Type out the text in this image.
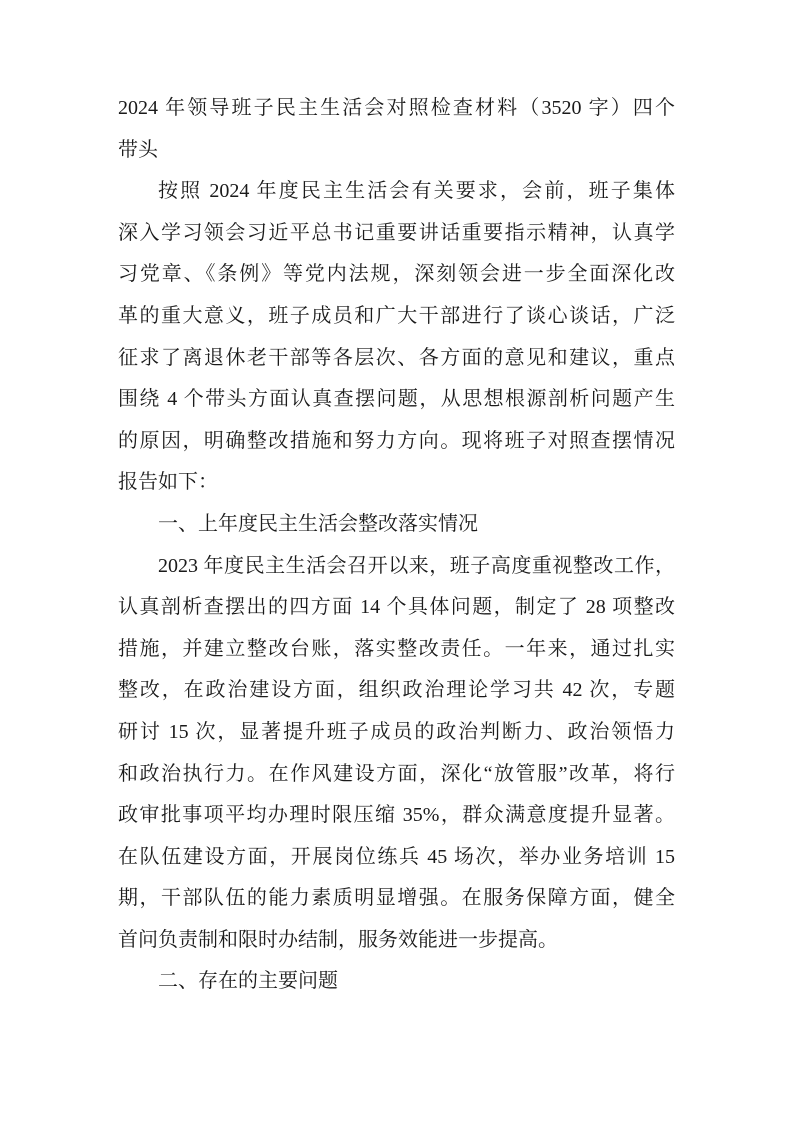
2024 年领导班子民主生活会对照检查材料（3520 字）四个
带头
按照 2024 年度民主生活会有关要求，会前，班子集体
深入学习领会习近平总书记重要讲话重要指示精神，认真学
习党章、《条例》等党内法规，深刻领会进一步全面深化改
革的重大意义，班子成员和广大干部进行了谈心谈话，广泛
征求了离退休老干部等各层次、各方面的意见和建议，重点
围绕 4 个带头方面认真查摆问题，从思想根源剖析问题产生
的原因，明确整改措施和努力方向。现将班子对照查摆情况
报告如下：
一、上年度民主生活会整改落实情况
2023 年度民主生活会召开以来，班子高度重视整改工作，
认真剖析查摆出的四方面 14 个具体问题，制定了 28 项整改
措施，并建立整改台账，落实整改责任。一年来，通过扎实
整改，在政治建设方面，组织政治理论学习共 42 次，专题
研讨 15 次，显著提升班子成员的政治判断力、政治领悟力
和政治执行力。在作风建设方面，深化“放管服”改革，将行
政审批事项平均办理时限压缩 35%，群众满意度提升显著。
在队伍建设方面，开展岗位练兵 45 场次，举办业务培训 15
期，干部队伍的能力素质明显增强。在服务保障方面，健全
首问负责制和限时办结制，服务效能进一步提高。
二、存在的主要问题
